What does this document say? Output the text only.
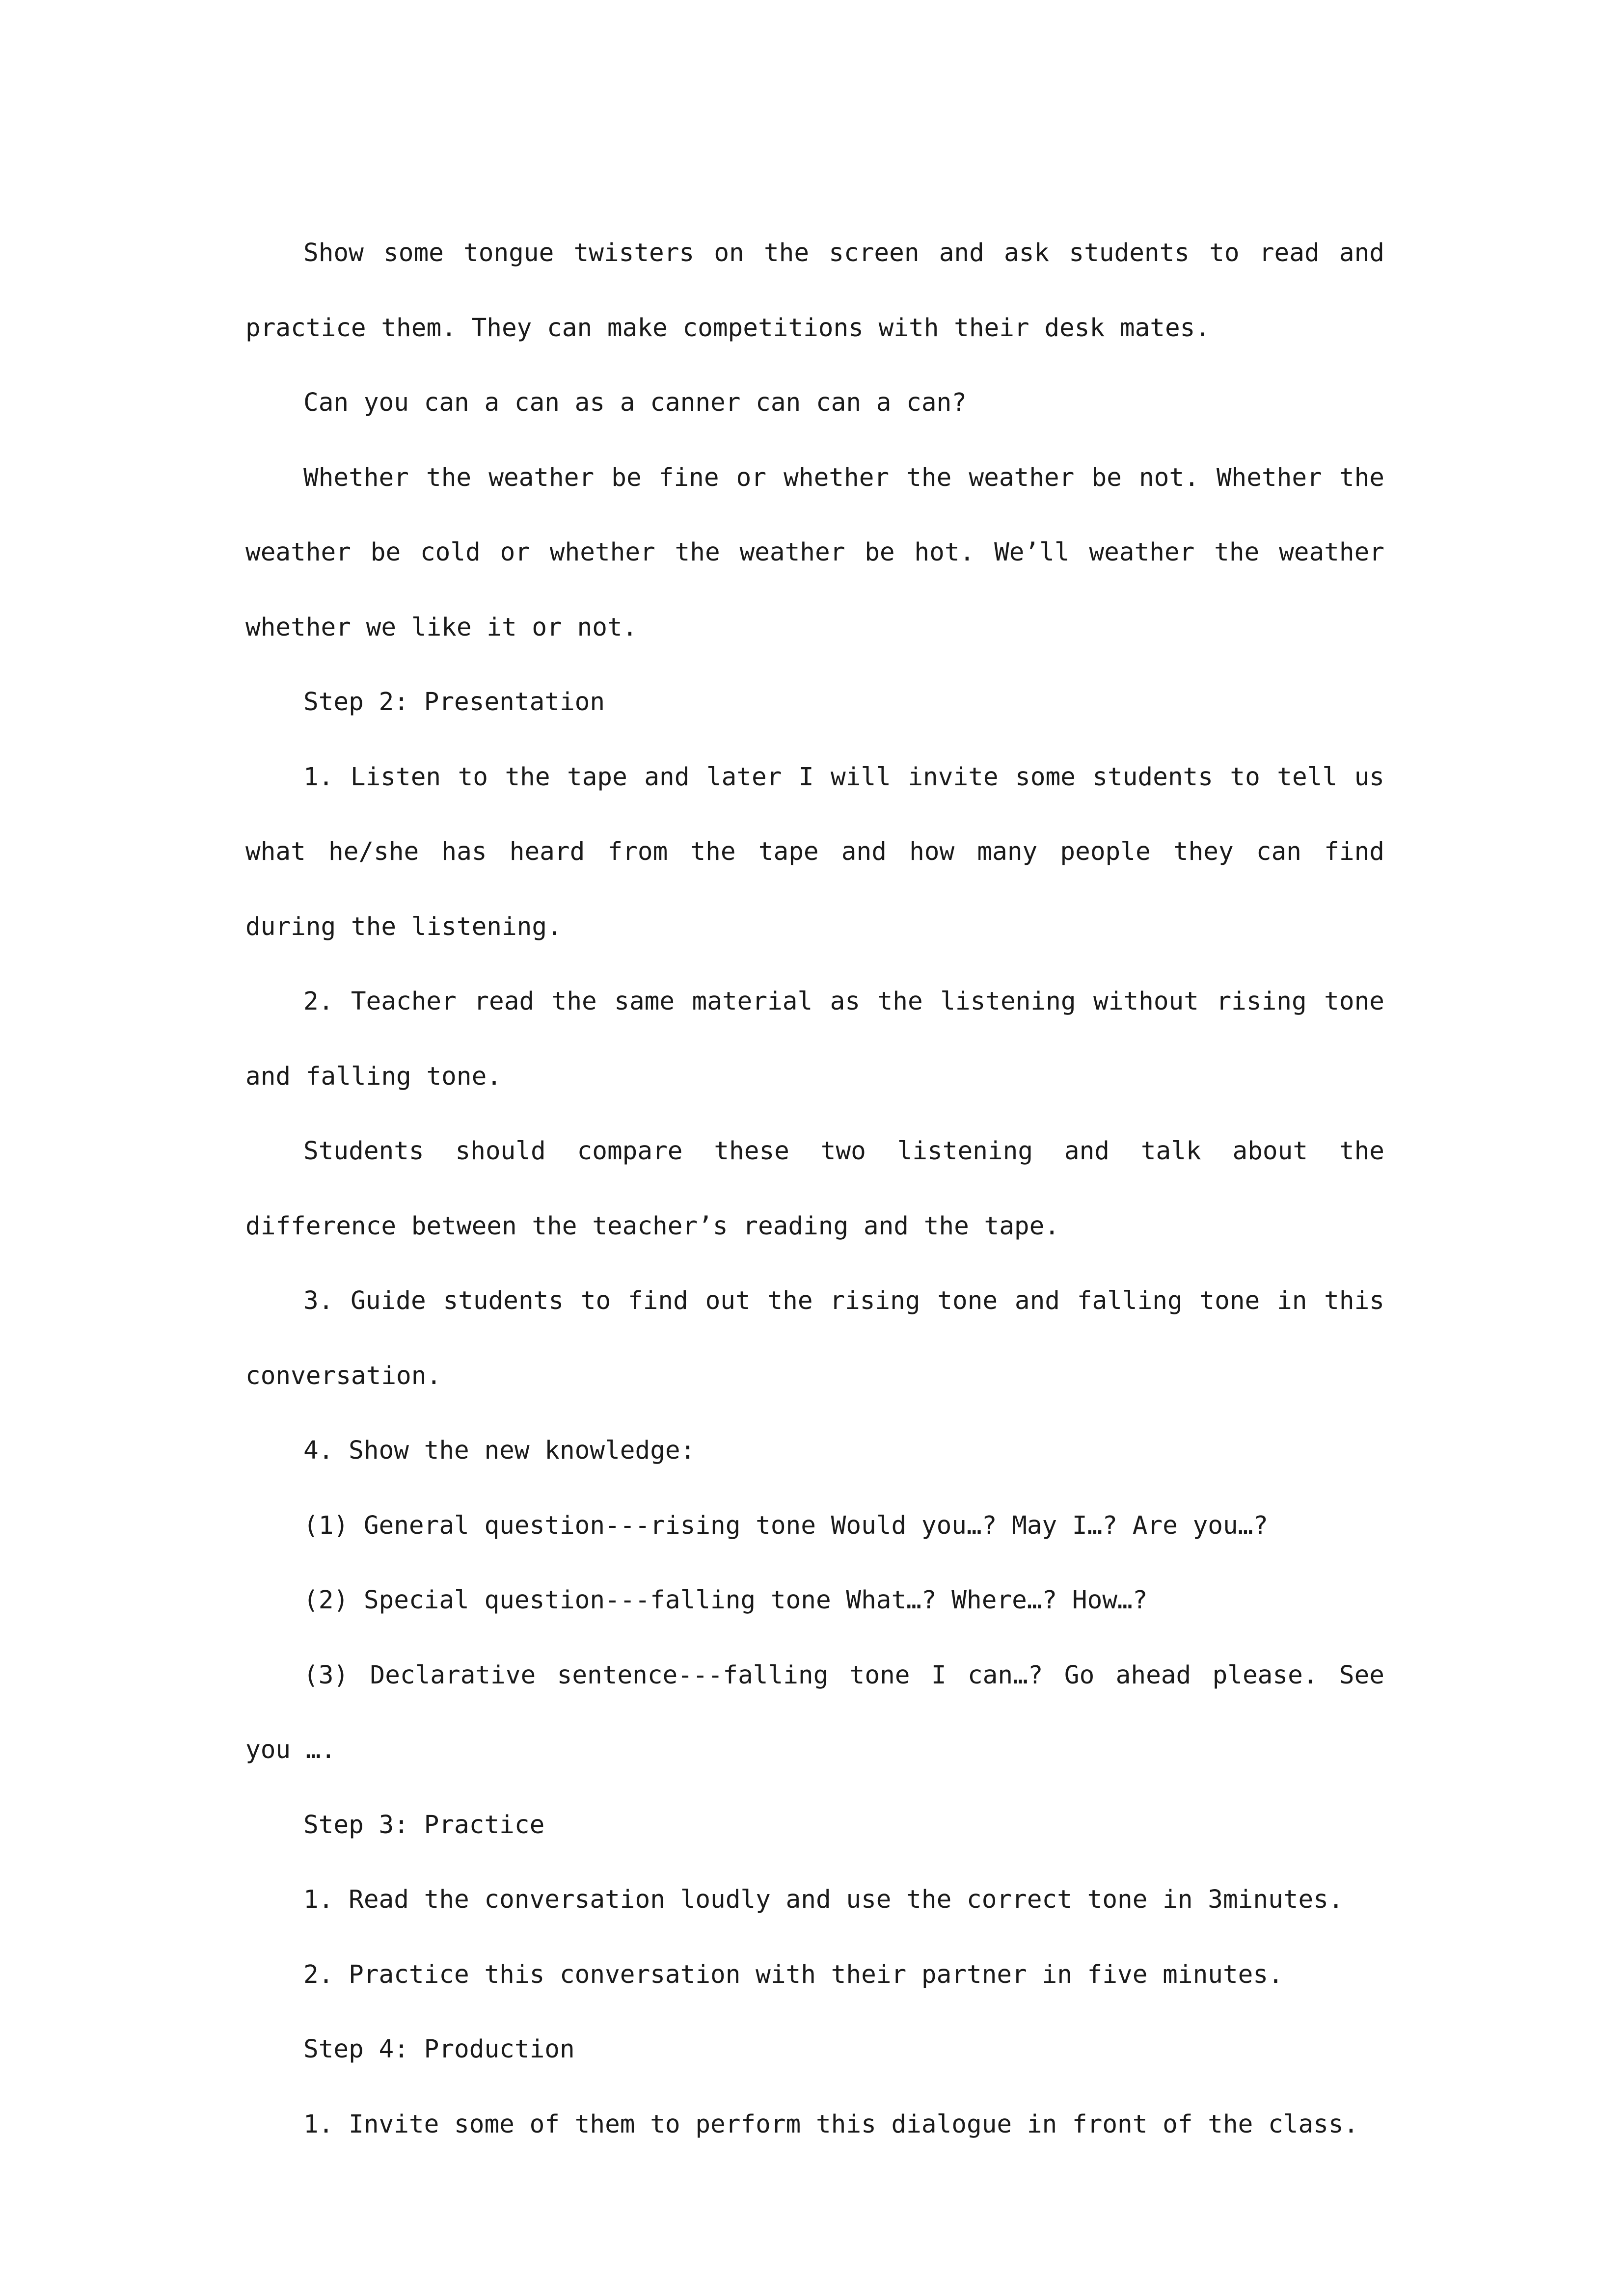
Show some tongue twisters on the screen and ask students to read and practice them. They can make competitions with their desk mates.

Can you can a can as a canner can can a can?

Whether the weather be fine or whether the weather be not. Whether the weather be cold or whether the weather be hot. We’ll weather the weather whether we like it or not.

Step 2: Presentation

1. Listen to the tape and later I will invite some students to tell us what he/she has heard from the tape and how many people they can find during the listening.

2. Teacher read the same material as the listening without rising tone and falling tone.

Students should compare these two listening and talk about the difference between the teacher’s reading and the tape.

3. Guide students to find out the rising tone and falling tone in this conversation.

4. Show the new knowledge:

(1) General question---rising tone Would you…? May I…? Are you…?

(2) Special question---falling tone What…? Where…? How…?

(3) Declarative sentence---falling tone I can…? Go ahead please. See you ….

Step 3: Practice

1. Read the conversation loudly and use the correct tone in 3minutes.

2. Practice this conversation with their partner in five minutes.

Step 4: Production

1. Invite some of them to perform this dialogue in front of the class.
